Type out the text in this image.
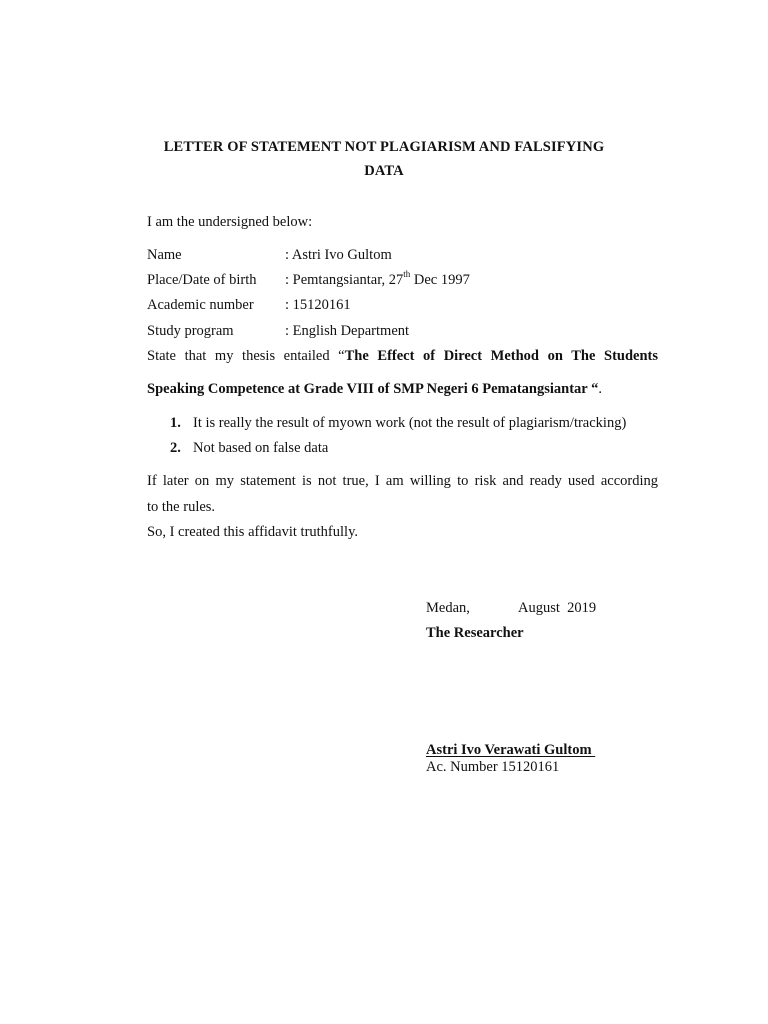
LETTER OF STATEMENT NOT PLAGIARISM AND FALSIFYING
DATA
I am the undersigned below:
Name	: Astri Ivo Gultom
Place/Date of birth : Pemtangsiantar, 27th Dec 1997
Academic number : 15120161
Study program	: English Department
State that my thesis entailed “The Effect of Direct Method on The Students
Speaking Competence at Grade VIII of SMP Negeri 6 Pematangsiantar “.
1. It is really the result of myown work (not the result of plagiarism/tracking)
2. Not based on false data
If later on my statement is not true, I am willing to risk and ready used according
to the rules.
So, I created this affidavit truthfully.
Medan,	August  2019
The Researcher
Astri Ivo Verawati Gultom
Ac. Number 15120161
